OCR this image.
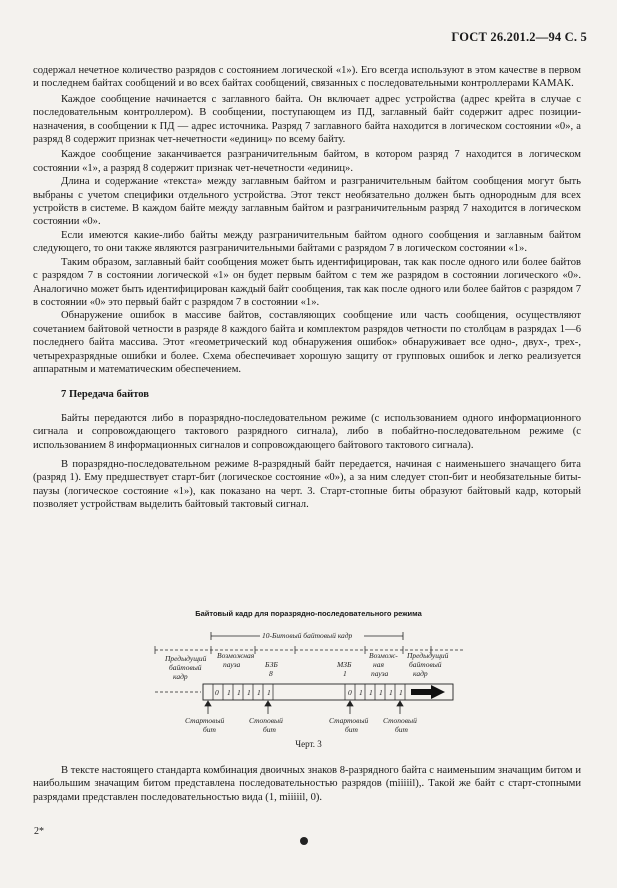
ГОСТ 26.201.2—94 С. 5

содержал нечетное количество разрядов с состоянием логической «1»). Его всегда используют в этом качестве в первом и последнем байтах сообщений и во всех байтах сообщений, связанных с последовательными контроллерами КАМАК.

Каждое сообщение начинается с заглавного байта. Он включает адрес устройства (адрес крейта в случае с последовательным контроллером). В сообщении, поступающем из ПД, заглавный байт содержит адрес позиции-назначения, в сообщении к ПД — адрес источника. Разряд 7 заглавного байта находится в логическом состоянии «0», а разряд 8 содержит признак чет-нечетности «единиц» по всему байту.

Каждое сообщение заканчивается разграничительным байтом, в котором разряд 7 находится в логическом состоянии «1», а разряд 8 содержит признак чет-нечетности «единиц».

Длина и содержание «текста» между заглавным байтом и разграничительным байтом сообщения могут быть выбраны с учетом специфики отдельного устройства. Этот текст необязательно должен быть однородным для всех устройств в системе. В каждом байте между заглавным байтом и разграничительным разряд 7 находится в логическом состоянии «0».

Если имеются какие-либо байты между разграничительным байтом одного сообщения и заглавным байтом следующего, то они также являются разграничительными байтами с разрядом 7 в логическом состоянии «1».

Таким образом, заглавный байт сообщения может быть идентифицирован, так как после одного или более байтов с разрядом 7 в состоянии логической «1» он будет первым байтом с тем же разрядом в состоянии логического «0». Аналогично может быть идентифицирован каждый байт сообщения, так как после одного или более байтов с разрядом 7 в состоянии «0» это первый байт с разрядом 7 в состоянии «1».

Обнаружение ошибок в массиве байтов, составляющих сообщение или часть сообщения, осуществляют сочетанием байтовой четности в разряде 8 каждого байта и комплектом разрядов четности по столбцам в разрядах 1—6 последнего байта массива. Этот «геометрический код обнаружения ошибок» обнаруживает все одно-, двух-, трех-, четырехразрядные ошибки и более. Схема обеспечивает хорошую защиту от групповых ошибок и легко реализуется аппаратным и математическим обеспечением.

7 Передача байтов

Байты передаются либо в поразрядно-последовательном режиме (с использованием одного информационного сигнала и сопровождающего тактового разрядного сигнала), либо в побайтно-последовательном режиме (с использованием 8 информационных сигналов и сопровождающего байтового тактового сигнала).

В поразрядно-последовательном режиме 8-разрядный байт передается, начиная с наименьшего значащего бита (разряд 1). Ему предшествует старт-бит (логическое состояние «0»), а за ним следует стоп-бит и необязательные биты-паузы (логическое состояние «1»), как показано на черт. 3. Старт-стопные биты образуют байтовый кадр, который позволяет устройствам выделить байтовый тактовый сигнал.

Байтовый кадр для поразрядно-последовательного режима
10-Битовый байтовый кадр
Предыдущий
байтовый
кадр
Возможная
пауза	БЗБ
8
МЗБ
1
Возмож-
ная
пауза
Предыдущий
байтовый
кадр
0 1 1 1 1 1	0 1 1 1 1 1
Стартовый
бит
Стоповый
бит
Стартовый
бит
Стоповый
бит
Черт. 3

В тексте настоящего стандарта комбинация двоичных знаков 8-разрядного байта с наименьшим значащим битом и наибольшим значащим битом представлена последовательностью разрядов (miiiiil),. Такой же байт с старт-стопными разрядами представлен последовательностью вида (1, miiiiil, 0).

2*
